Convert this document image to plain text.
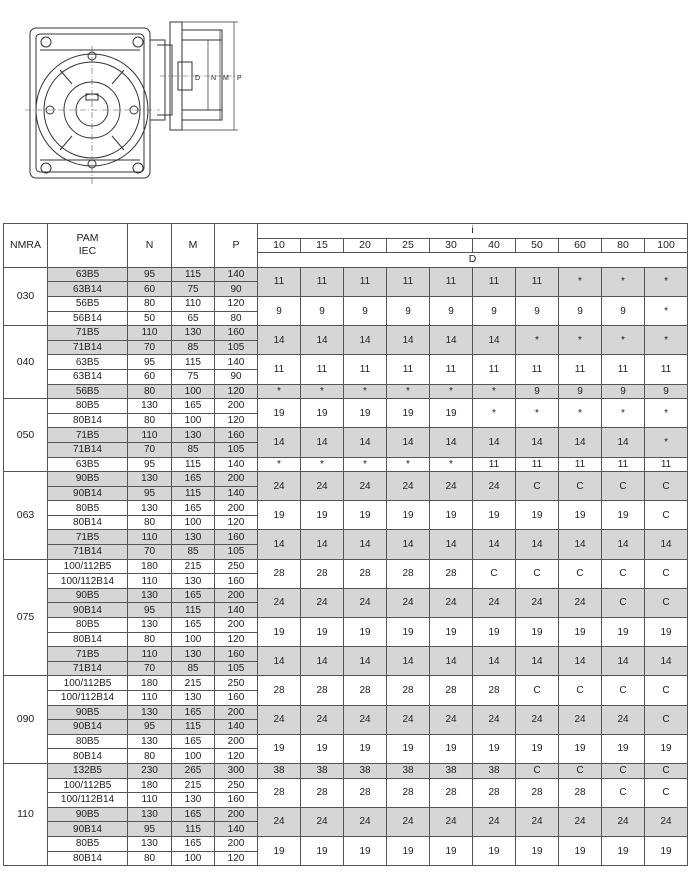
D N M P
NMRA	PAM
IEC	N	M	P	i									
					10	15	20	25	30	40	50	60	80	100
					D									
030	63B5	95	115	140	11	11	11	11	11	11	11	*	*	*
	63B14	60	75	90										
	56B5	80	110	120	9	9	9	9	9	9	9	9	9	*
	56B14	50	65	80										
040	71B5	110	130	160	14	14	14	14	14	14	*	*	*	*
	71B14	70	85	105										
	63B5	95	115	140	11	11	11	11	11	11	11	11	11	11
	63B14	60	75	90										
	56B5	80	100	120	*	*	*	*	*	*	9	9	9	9
050	80B5	130	165	200	19	19	19	19	19	*	*	*	*	*
	80B14	80	100	120										
	71B5	110	130	160	14	14	14	14	14	14	14	14	14	*
	71B14	70	85	105										
	63B5	95	115	140	*	*	*	*	*	11	11	11	11	11
063	90B5	130	165	200	24	24	24	24	24	24	C	C	C	C
	90B14	95	115	140										
	80B5	130	165	200	19	19	19	19	19	19	19	19	19	C
	80B14	80	100	120										
	71B5	110	130	160	14	14	14	14	14	14	14	14	14	14
	71B14	70	85	105										
075	100/112B5	180	215	250	28	28	28	28	28	C	C	C	C	C
	100/112B14	110	130	160										
	90B5	130	165	200	24	24	24	24	24	24	24	24	C	C
	90B14	95	115	140										
	80B5	130	165	200	19	19	19	19	19	19	19	19	19	19
	80B14	80	100	120										
	71B5	110	130	160	14	14	14	14	14	14	14	14	14	14
	71B14	70	85	105										
090	100/112B5	180	215	250	28	28	28	28	28	28	C	C	C	C
	100/112B14	110	130	160										
	90B5	130	165	200	24	24	24	24	24	24	24	24	24	C
	90B14	95	115	140										
	80B5	130	165	200	19	19	19	19	19	19	19	19	19	19
	80B14	80	100	120										
110	132B5	230	265	300	38	38	38	38	38	38	C	C	C	C
	100/112B5	180	215	250	28	28	28	28	28	28	28	28	C	C
	100/112B14	110	130	160										
	90B5	130	165	200	24	24	24	24	24	24	24	24	24	24
	90B14	95	115	140										
	80B5	130	165	200	19	19	19	19	19	19	19	19	19	19
	80B14	80	100	120										
